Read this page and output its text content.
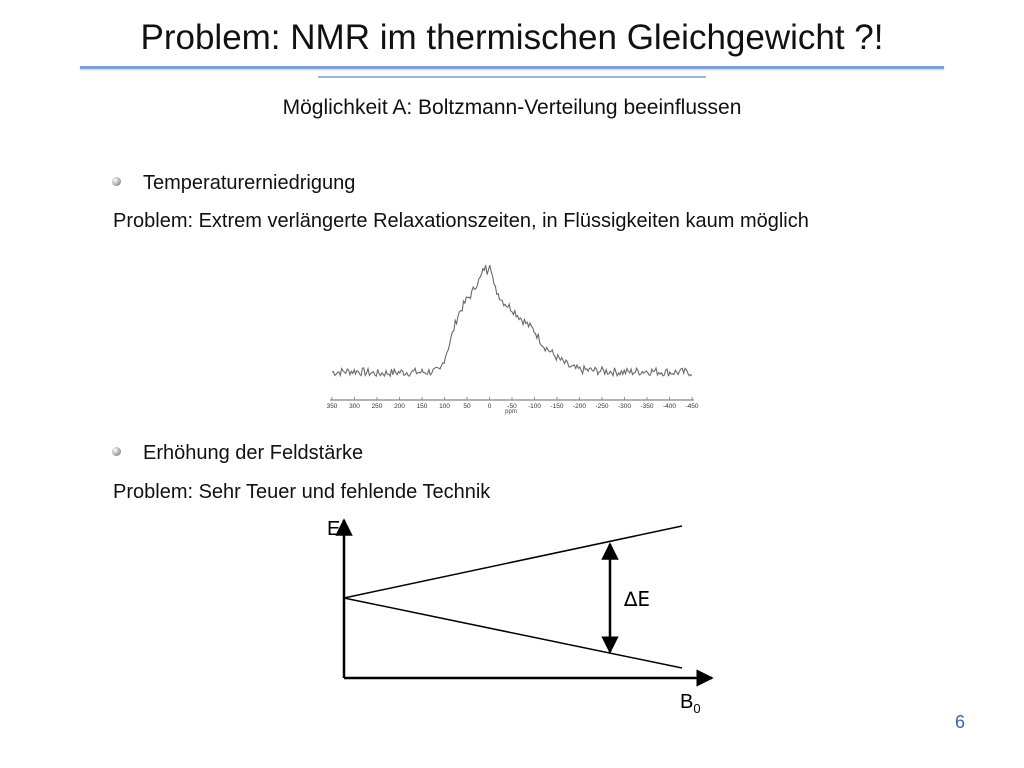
Problem: NMR im thermischen Gleichgewicht ?!
Möglichkeit A: Boltzmann-Verteilung beeinflussen
Temperaturerniedrigung
Problem: Extrem verlängerte Relaxationszeiten, in Flüssigkeiten kaum möglich
350 300 250 200 150 100 50	0 -50 -100 -150 -200 -250 -300 -350 -400 -450
ppm
Erhöhung der Feldstärke
Problem: Sehr Teuer und fehlende Technik
E
∆E
$B_0$
6
